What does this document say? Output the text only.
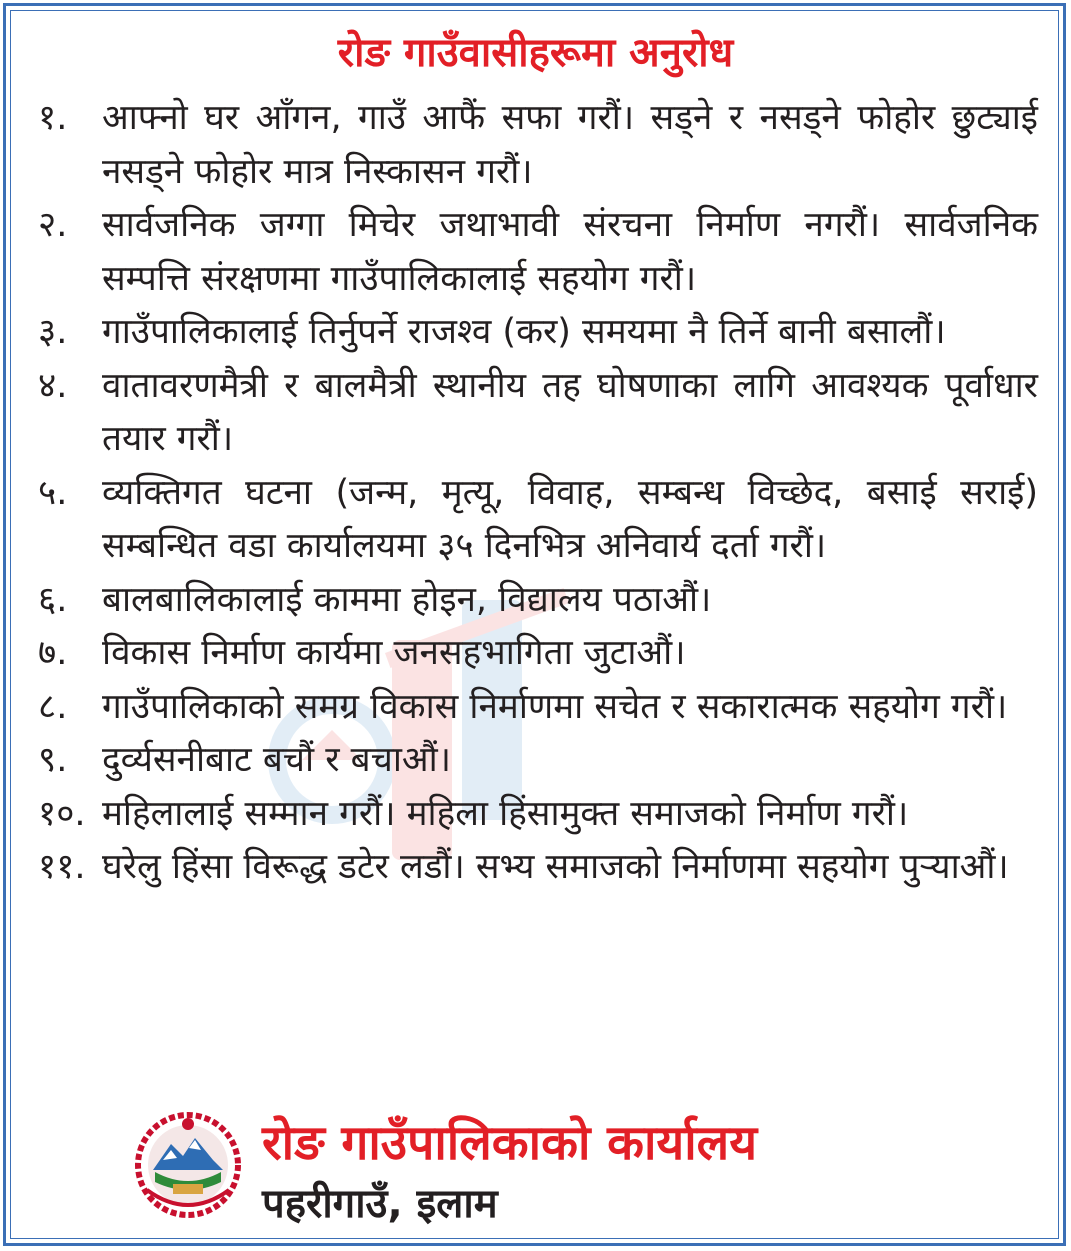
रोङ गाउँवासीहरूमा अनुरोध
१. आफ्नो घर आँगन, गाउँ आफैं सफा गरौं। सड्ने र नसड्ने फोहोर छुट्याई नसड्ने फोहोर मात्र निस्कासन गरौं।
२. सार्वजनिक जग्गा मिचेर जथाभावी संरचना निर्माण नगरौं। सार्वजनिक सम्पत्ति संरक्षणमा गाउँपालिकालाई सहयोग गरौं।
३. गाउँपालिकालाई तिर्नुपर्ने राजश्व (कर) समयमा नै तिर्ने बानी बसालौं।
४. वातावरणमैत्री र बालमैत्री स्थानीय तह घोषणाका लागि आवश्यक पूर्वाधार तयार गरौं।
५. व्यक्तिगत घटना (जन्म, मृत्यू, विवाह, सम्बन्ध विच्छेद, बसाई सराई) सम्बन्धित वडा कार्यालयमा ३५ दिनभित्र अनिवार्य दर्ता गरौं।
६. बालबालिकालाई काममा होइन, विद्यालय पठाऔं।
७. विकास निर्माण कार्यमा जनसहभागिता जुटाऔं।
८. गाउँपालिकाको समग्र विकास निर्माणमा सचेत र सकारात्मक सहयोग गरौं।
९. दुर्व्यसनीबाट बचौं र बचाऔं।
१०. महिलालाई सम्मान गरौं। महिला हिंसामुक्त समाजको निर्माण गरौं।
११. घरेलु हिंसा विरूद्ध डटेर लडौं। सभ्य समाजको निर्माणमा सहयोग पुर्‍याऔं।
रोङ गाउँपालिकाको कार्यालय
पहरीगाउँ, इलाम
